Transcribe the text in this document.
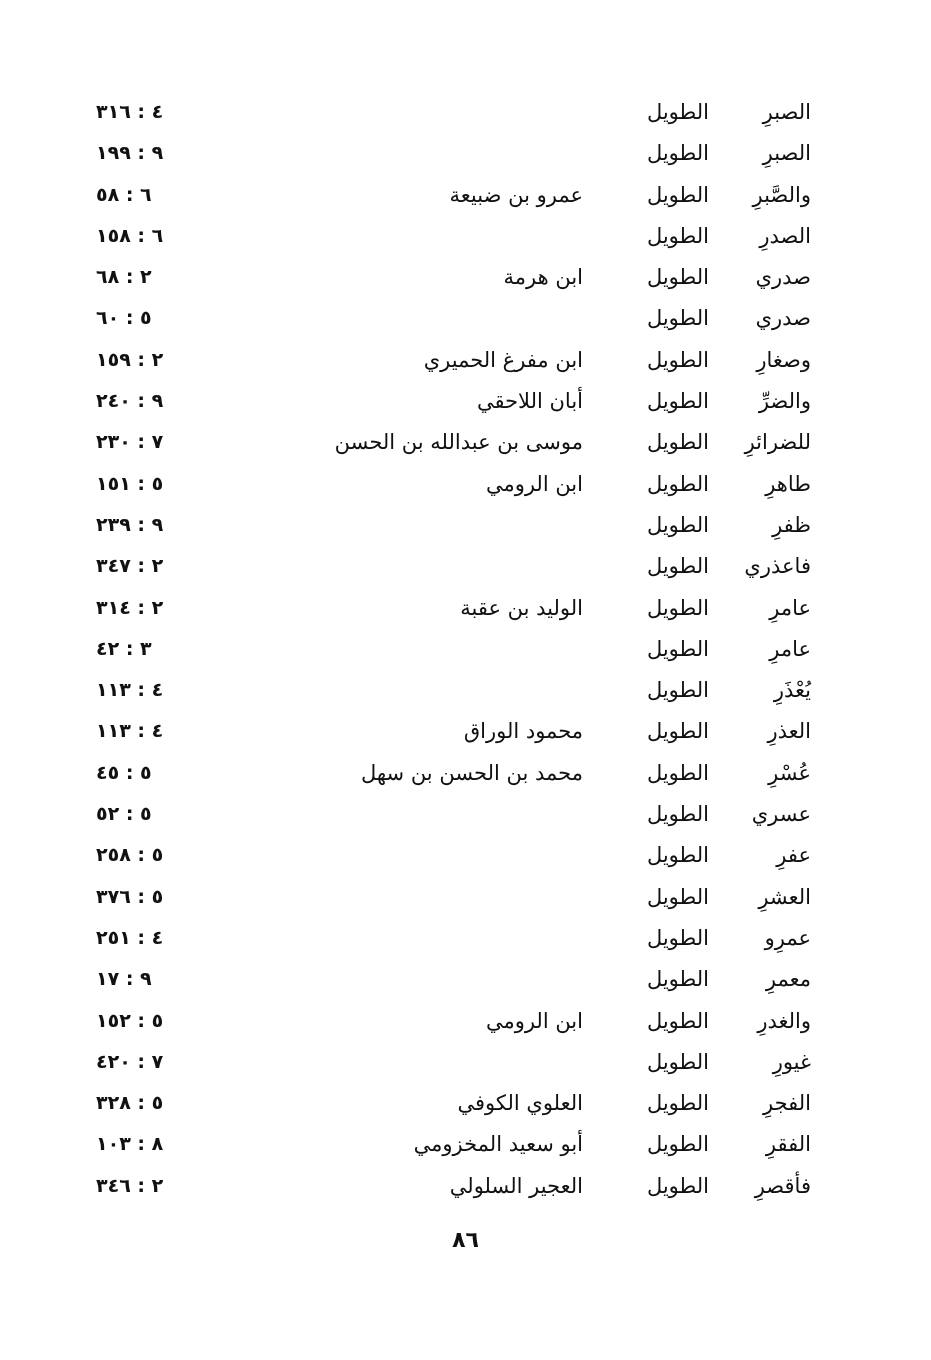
الصبرِ
الطويل
٤ : ٣١٦
الصبرِ
الطويل
٩ : ١٩٩
والصَّبرِ
الطويل
عمرو بن ضبيعة
٦ : ٥٨
الصدرِ
الطويل
٦ : ١٥٨
صدري
الطويل
ابن هرمة
٢ : ٦٨
صدري
الطويل
٥ : ٦٠
وصغارِ
الطويل
ابن مفرغ الحميري
٢ : ١٥٩
والضرِّ
الطويل
أبان اللاحقي
٩ : ٢٤٠
للضرائرِ
الطويل
موسى بن عبدالله بن الحسن
٧ : ٢٣٠
طاهرِ
الطويل
ابن الرومي
٥ : ١٥١
ظفرِ
الطويل
٩ : ٢٣٩
فاعذري
الطويل
٢ : ٣٤٧
عامرِ
الطويل
الوليد بن عقبة
٢ : ٣١٤
عامرِ
الطويل
٣ : ٤٢
يُعْذَرِ
الطويل
٤ : ١١٣
العذرِ
الطويل
محمود الوراق
٤ : ١١٣
عُسْرِ
الطويل
محمد بن الحسن بن سهل
٥ : ٤٥
عسري
الطويل
٥ : ٥٢
عفرِ
الطويل
٥ : ٢٥٨
العشرِ
الطويل
٥ : ٣٧٦
عمرِو
الطويل
٤ : ٢٥١
معمرِ
الطويل
٩ : ١٧
والغدرِ
الطويل
ابن الرومي
٥ : ١٥٢
غيورِ
الطويل
٧ : ٤٢٠
الفجرِ
الطويل
العلوي الكوفي
٥ : ٣٢٨
الفقرِ
الطويل
أبو سعيد المخزومي
٨ : ١٠٣
فأقصرِ
الطويل
العجير السلولي
٢ : ٣٤٦
٨٦
